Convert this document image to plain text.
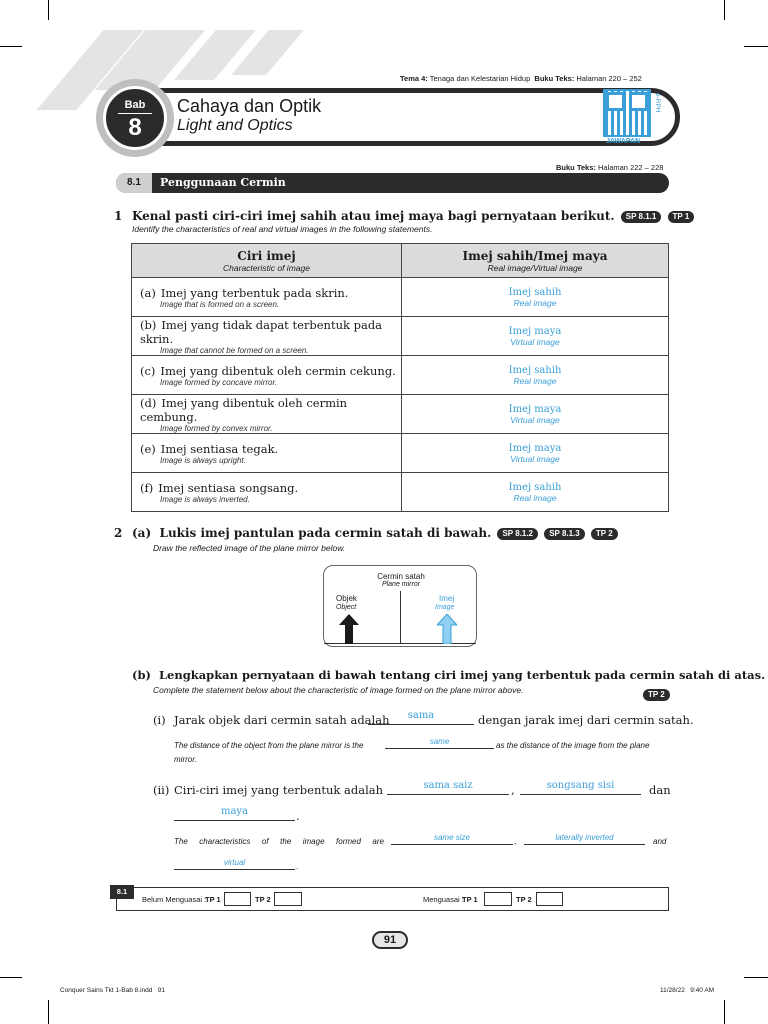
Tema 4: Tenaga dan Kelestarian Hidup Buku Teks: Halaman 220 – 252
Bab
8
Cahaya dan Optik
Light and Optics
e-RPH
JAWAPAN
Buku Teks: Halaman 222 – 228
8.1	Penggunaan Cermin
1 Kenal pasti ciri-ciri imej sahih atau imej maya bagi pernyataan berikut. SP 8.1.1 TP 1
Identify the characteristics of real and virtual images in the following statements.
Ciri imej
Characteristic of image	Imej sahih/Imej maya
Real image/Virtual image

(a) Imej yang terbentuk pada skrin.
Image that is formed on a screen.	Imej sahih
Real image

(b) Imej yang tidak dapat terbentuk pada skrin.
Image that cannot be formed on a screen.	Imej maya
Virtual image

(c) Imej yang dibentuk oleh cermin cekung.
Image formed by concave mirror.	Imej sahih
Real image

(d) Imej yang dibentuk oleh cermin cembung.
Image formed by convex mirror.	Imej maya
Virtual image

(e) Imej sentiasa tegak.
Image is always upright.	Imej maya
Virtual image

(f) Imej sentiasa songsang.
Image is always inverted.	Imej sahih
Real image
2 (a) Lukis imej pantulan pada cermin satah di bawah. SP 8.1.2 SP 8.1.3 TP 2
Draw the reflected image of the plane mirror below.
Cermin satah
Plane mirror
Objek
Object
Imej
Image
(b) Lengkapkan pernyataan di bawah tentang ciri imej yang terbentuk pada cermin satah di atas.
Complete the statement below about the characteristic of image formed on the plane mirror above.	TP 2
(i) Jarak objek dari cermin satah adalah	sama	dengan jarak imej dari cermin satah.
The distance of the object from the plane mirror is the	same	as the distance of the image from the plane
mirror.
(ii) Ciri-ciri imej yang terbentuk adalah	sama saiz	,	songsang sisi	dan
maya	.
The characteristics of the image formed are	same size	,	laterally inverted	and
virtual	.
8.1
Belum Menguasai :
TP 1	TP 2	Menguasai :
TP 1	TP 2
91
Conquer Sains Tkt 1-Bab 8.indd   91	11/28/22   9:40 AM
